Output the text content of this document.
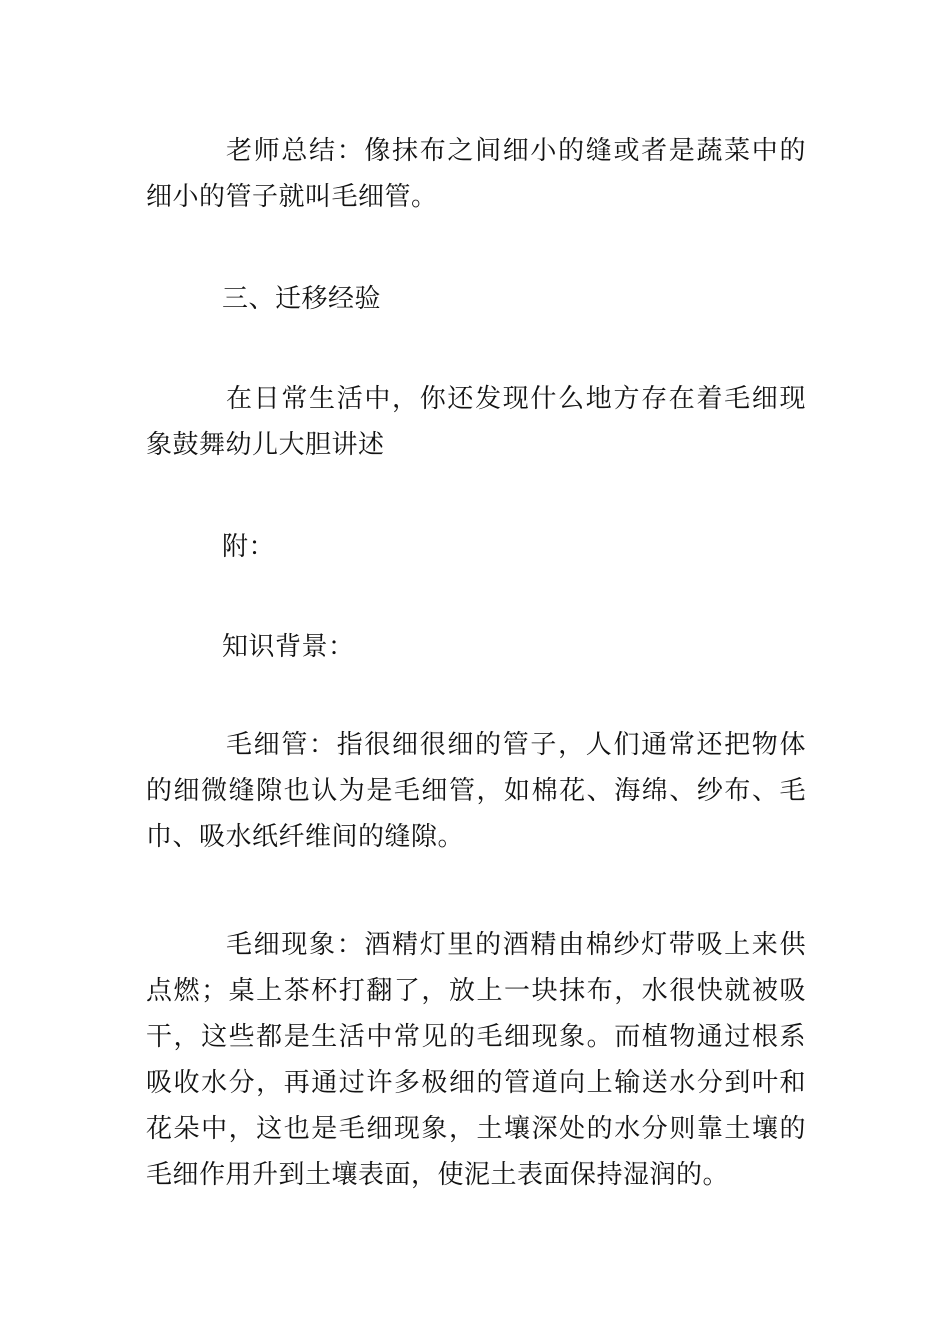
老师总结：像抹布之间细小的缝或者是蔬菜中的细小的管子就叫毛细管。

三、迁移经验

在日常生活中，你还发现什么地方存在着毛细现象鼓舞幼儿大胆讲述

附：

知识背景：

毛细管：指很细很细的管子，人们通常还把物体的细微缝隙也认为是毛细管，如棉花、海绵、纱布、毛巾、吸水纸纤维间的缝隙。

毛细现象：酒精灯里的酒精由棉纱灯带吸上来供点燃；桌上茶杯打翻了，放上一块抹布，水很快就被吸干，这些都是生活中常见的毛细现象。而植物通过根系吸收水分，再通过许多极细的管道向上输送水分到叶和花朵中，这也是毛细现象，土壤深处的水分则靠土壤的毛细作用升到土壤表面，使泥土表面保持湿润的。
